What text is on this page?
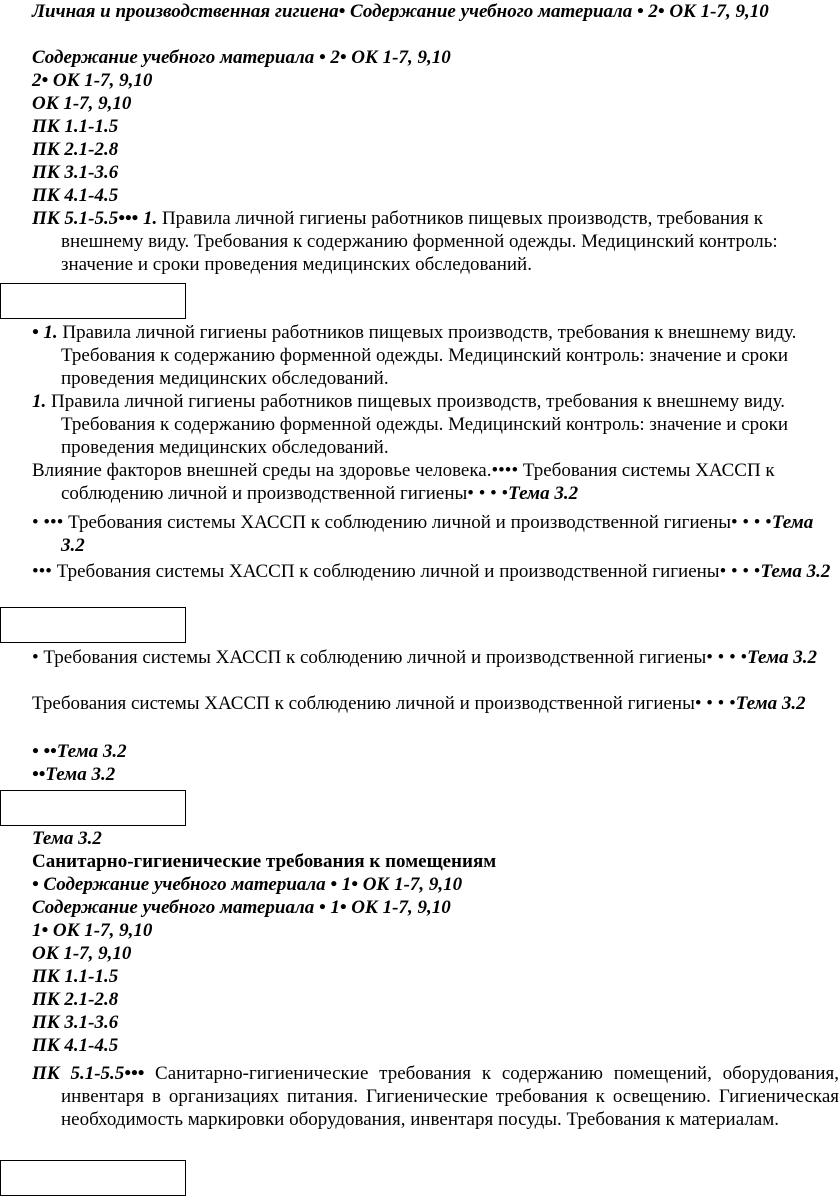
Личная и производственная гигиена• Содержание учебного материала • 2• ОК 1-7, 9,10

Содержание учебного материала • 2• ОК 1-7, 9,10

2• ОК 1-7, 9,10

ОК 1-7, 9,10

ПК 1.1-1.5

ПК 2.1-2.8

ПК 3.1-3.6

ПК 4.1-4.5

ПК 5.1-5.5••• 1. Правила личной гигиены работников пищевых производств, требования к внешнему виду. Требования к содержанию форменной одежды. Медицинский контроль: значение и сроки проведения медицинских обследований.

• 1. Правила личной гигиены работников пищевых производств, требования к внешнему виду. Требования к содержанию форменной одежды. Медицинский контроль: значение и сроки проведения медицинских обследований.

1. Правила личной гигиены работников пищевых производств, требования к внешнему виду. Требования к содержанию форменной одежды. Медицинский контроль: значение и сроки проведения медицинских обследований.

Влияние факторов внешней среды на здоровье человека.•••• Требования системы ХАССП к соблюдению личной и производственной гигиены• • • •Тема 3.2

• ••• Требования системы ХАССП к соблюдению личной и производственной гигиены• • • •Тема 3.2

••• Требования системы ХАССП к соблюдению личной и производственной гигиены• • • •Тема 3.2

• Требования системы ХАССП к соблюдению личной и производственной гигиены• • • •Тема 3.2

Требования системы ХАССП к соблюдению личной и производственной гигиены• • • •Тема 3.2

• ••Тема 3.2

••Тема 3.2

Тема 3.2

Санитарно-гигиенические требования к помещениям

• Содержание учебного материала • 1• ОК 1-7, 9,10

Содержание учебного материала • 1• ОК 1-7, 9,10

1• ОК 1-7, 9,10

ОК 1-7, 9,10

ПК 1.1-1.5

ПК 2.1-2.8

ПК 3.1-3.6

ПК 4.1-4.5

ПК 5.1-5.5••• Санитарно-гигиенические требования к содержанию помещений, оборудования, инвентаря в организациях питания. Гигиенические требования к освещению. Гигиеническая необходимость маркировки оборудования, инвентаря посуды. Требования к материалам.
